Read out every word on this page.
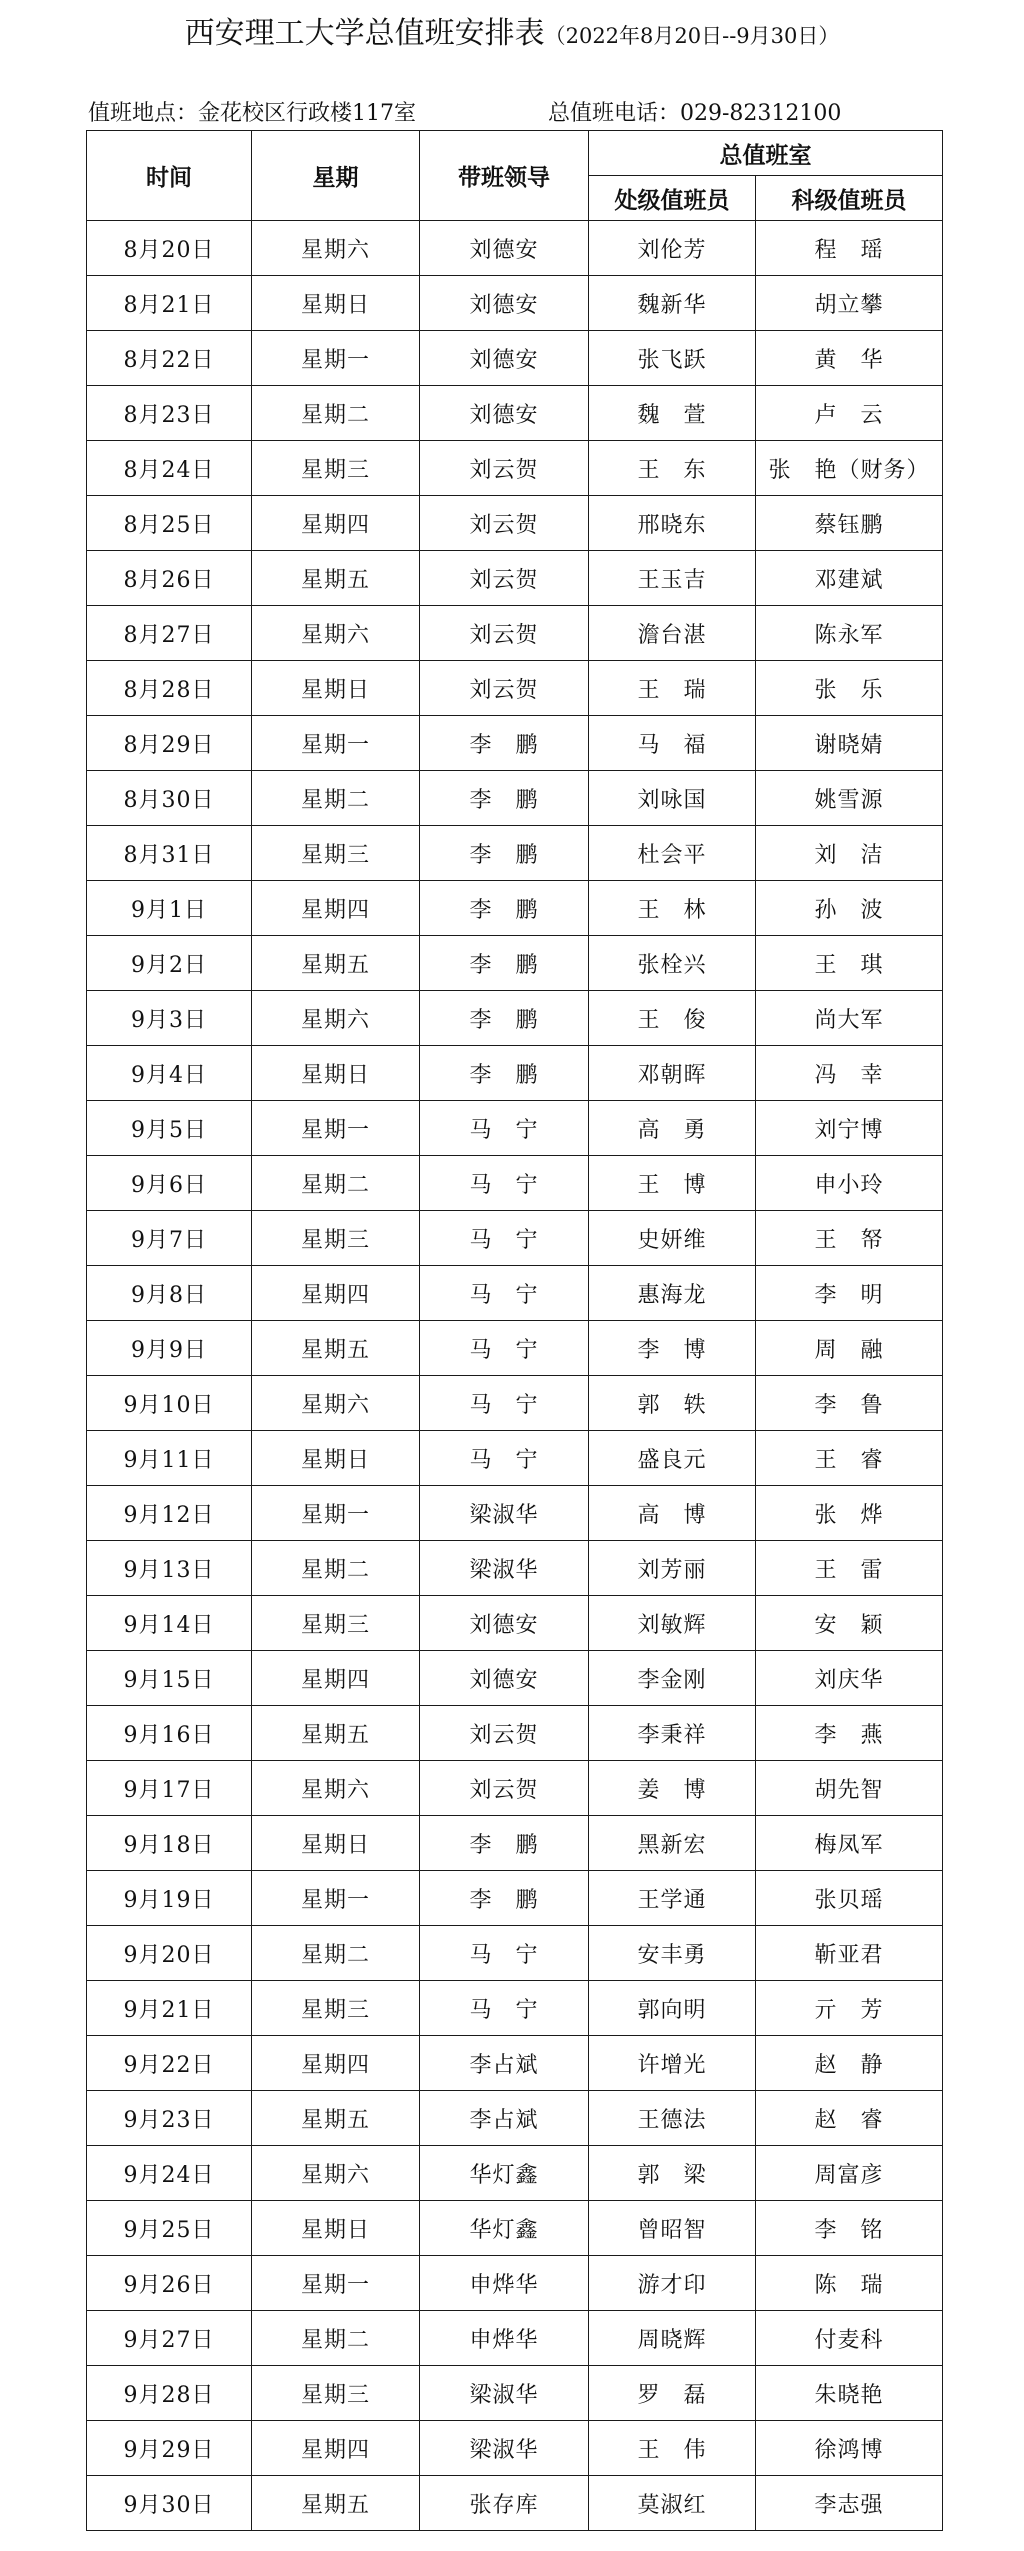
西安理工大学总值班安排表（2022年8月20日--9月30日）
值班地点：金花校区行政楼117室	总值班电话：029-82312100
时间	星期	带班领导	总值班室	
			处级值班员	科级值班员
8月20日	星期六	刘德安	刘伦芳	程　瑶
8月21日	星期日	刘德安	魏新华	胡立攀
8月22日	星期一	刘德安	张飞跃	黄　华
8月23日	星期二	刘德安	魏　萱	卢　云
8月24日	星期三	刘云贺	王　东	张　艳（财务）
8月25日	星期四	刘云贺	邢晓东	蔡钰鹏
8月26日	星期五	刘云贺	王玉吉	邓建斌
8月27日	星期六	刘云贺	澹台湛	陈永军
8月28日	星期日	刘云贺	王　瑞	张　乐
8月29日	星期一	李　鹏	马　福	谢晓婧
8月30日	星期二	李　鹏	刘咏国	姚雪源
8月31日	星期三	李　鹏	杜会平	刘　洁
9月1日	星期四	李　鹏	王　林	孙　波
9月2日	星期五	李　鹏	张栓兴	王　琪
9月3日	星期六	李　鹏	王　俊	尚大军
9月4日	星期日	李　鹏	邓朝晖	冯　幸
9月5日	星期一	马　宁	高　勇	刘宁博
9月6日	星期二	马　宁	王　博	申小玲
9月7日	星期三	马　宁	史妍维	王　帑
9月8日	星期四	马　宁	惠海龙	李　明
9月9日	星期五	马　宁	李　博	周　融
9月10日	星期六	马　宁	郭　轶	李　鲁
9月11日	星期日	马　宁	盛良元	王　睿
9月12日	星期一	梁淑华	高　博	张　烨
9月13日	星期二	梁淑华	刘芳丽	王　雷
9月14日	星期三	刘德安	刘敏辉	安　颖
9月15日	星期四	刘德安	李金刚	刘庆华
9月16日	星期五	刘云贺	李秉祥	李　燕
9月17日	星期六	刘云贺	姜　博	胡先智
9月18日	星期日	李　鹏	黑新宏	梅凤军
9月19日	星期一	李　鹏	王学通	张贝瑶
9月20日	星期二	马　宁	安丰勇	靳亚君
9月21日	星期三	马　宁	郭向明	亓　芳
9月22日	星期四	李占斌	许增光	赵　静
9月23日	星期五	李占斌	王德法	赵　睿
9月24日	星期六	华灯鑫	郭　梁	周富彦
9月25日	星期日	华灯鑫	曾昭智	李　铭
9月26日	星期一	申烨华	游才印	陈　瑞
9月27日	星期二	申烨华	周晓辉	付麦科
9月28日	星期三	梁淑华	罗　磊	朱晓艳
9月29日	星期四	梁淑华	王　伟	徐鸿博
9月30日	星期五	张存库	莫淑红	李志强
